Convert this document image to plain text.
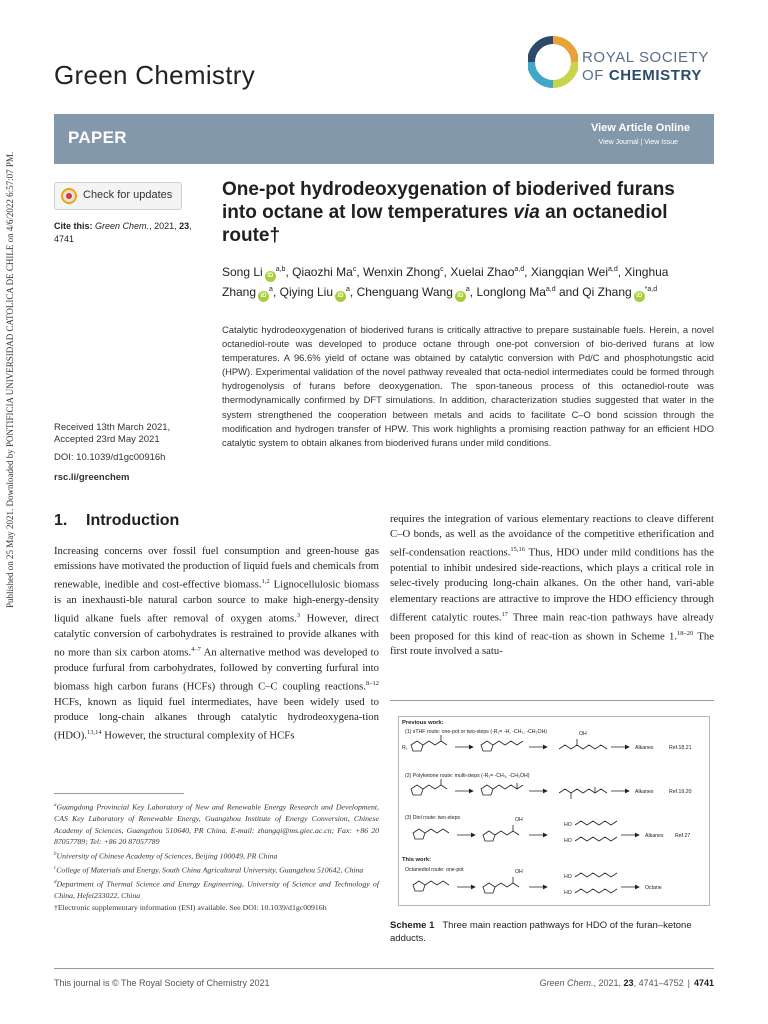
Published on 25 May 2021. Downloaded by PONTIFICIA UNIVERSIDAD CATOLICA DE CHILE on 4/6/2022 6:57:07 PM.
Green Chemistry
ROYAL SOCIETY
OF CHEMISTRY
PAPER	View Article Online
View Journal | View Issue
Check for updates
Cite this: Green Chem., 2021, 23,
4741
One-pot hydrodeoxygenation of bioderived furans into octane at low temperatures via an octanediol route†
Song Li iD$^{a,b}$, Qiaozhi Ma$^c$, Wenxin Zhong$^c$, Xuelai Zhao$^{a,d}$, Xiangqian Wei$^{a,d}$, Xinghua Zhang $iD^a$, Qiying Liu $iD^a$, Chenguang Wang $iD^a$, Longlong Ma$^{a,d}$ and Qi Zhang iD$^{*a,d}$

Catalytic hydrodeoxygenation of bioderived furans is critically attractive to prepare sustainable fuels. Herein, a novel octanediol-route was developed to produce octane through one-pot conversion of bio-derived furans at low temperatures. A 96.6% yield of octane was obtained by catalytic conversion with Pd/C and phosphotungstic acid (HPW). Experimental validation of the novel pathway revealed that octa-nediol intermediates could be formed through hydrogenolysis of furans before deoxygenation. The spon-taneous process of this octanediol-route was thermodynamically confirmed by DFT simulations. In addition, characterization studies suggested that water in the system strengthened the cooperation between metals and acids to facilitate C–O bond scission through the modification and hydrogen transfer of HPW. This work highlights a promising reaction pathway for an efficient HDO catalytic system to obtain alkanes from bioderived furans under mild conditions.

Received 13th March 2021,
Accepted 23rd May 2021
DOI: 10.1039/d1gc00916h
rsc.li/greenchem
1. Introduction
Increasing concerns over fossil fuel consumption and green-house gas emissions have motivated the production of liquid fuels and chemicals from renewable, inedible and cost-effective biomass.$^{1,2}$ Lignocellulosic biomass is an inexhausti-ble natural carbon source to make high-energy-density liquid alkane fuels after removal of oxygen atoms.$^3$ However, direct catalytic conversion of carbohydrates is restrained to provide alkanes with no more than six carbon atoms.$^{4-7}$ An alternative method was developed to produce furfural from carbohydrates, followed by converting furfural into biomass high carbon furans (HCFs) through C–C coupling reactions.$^{8-12}$ HCFs, known as liquid fuel intermediates, have been widely used to produce long-chain alkanes through catalytic hydrodeoxygena-tion (HDO).$^{13,14}$ However, the structural complexity of HCFs
requires the integration of various elementary reactions to cleave different C–O bonds, as well as the avoidance of the competitive etherification and self-condensation reactions.$^{15,16}$ Thus, HDO under mild conditions has the potential to inhibit undesired side-reactions, which plays a critical role in selec-tively producing long-chain alkanes. On the other hand, vari-able elementary reactions are attractive to improve the HDO efficiency through different catalytic routes.$^{17}$ Three main reac-tion pathways have already been proposed for this kind of reac-tion as shown in Scheme 1.$^{18-20}$ The first route involved a satu-
$^a$Guangdong Provincial Key Laboratory of New and Renewable Energy Research and Development, CAS Key Laboratory of Renewable Energy, Guangzhou Institute of Energy Conversion, Chinese Academy of Sciences, Guangzhou 510640, PR China. E-mail: zhangqi@ms.giec.ac.cn; Fax: +86 20 87057789; Tel: +86 20 87057789
$^b$University of Chinese Academy of Sciences, Beijing 100049, PR China
$^c$College of Materials and Energy, South China Agricultural University, Guangzhou 510642, China
$^d$Department of Thermal Science and Energy Engineering, University of Science and Technology of China, Hefei233022, China
†Electronic supplementary information (ESI) available. See DOI: 10.1039/d1gc00916h
Previous work:
(1) sTHF route: one-pot or two-steps (-R₁= -H, -CH₃, -CH₂OH)
R₁
OH
Alkanes	Ref.18,21
(2) Polyketone route: multi-steps (-R₁= -CH₃, -CH₂OH)
Alkanes	Ref.19,20
(3) Diol route: two-steps	OH
HO
HO
Alkanes Ref.27
This work:
Octanediol route: one-pot	OH
HO
HO
Octane
Scheme 1 Three main reaction pathways for HDO of the furan–ketone adducts.
This journal is © The Royal Society of Chemistry 2021	Green Chem., 2021, 23, 4741–4752 | 4741
